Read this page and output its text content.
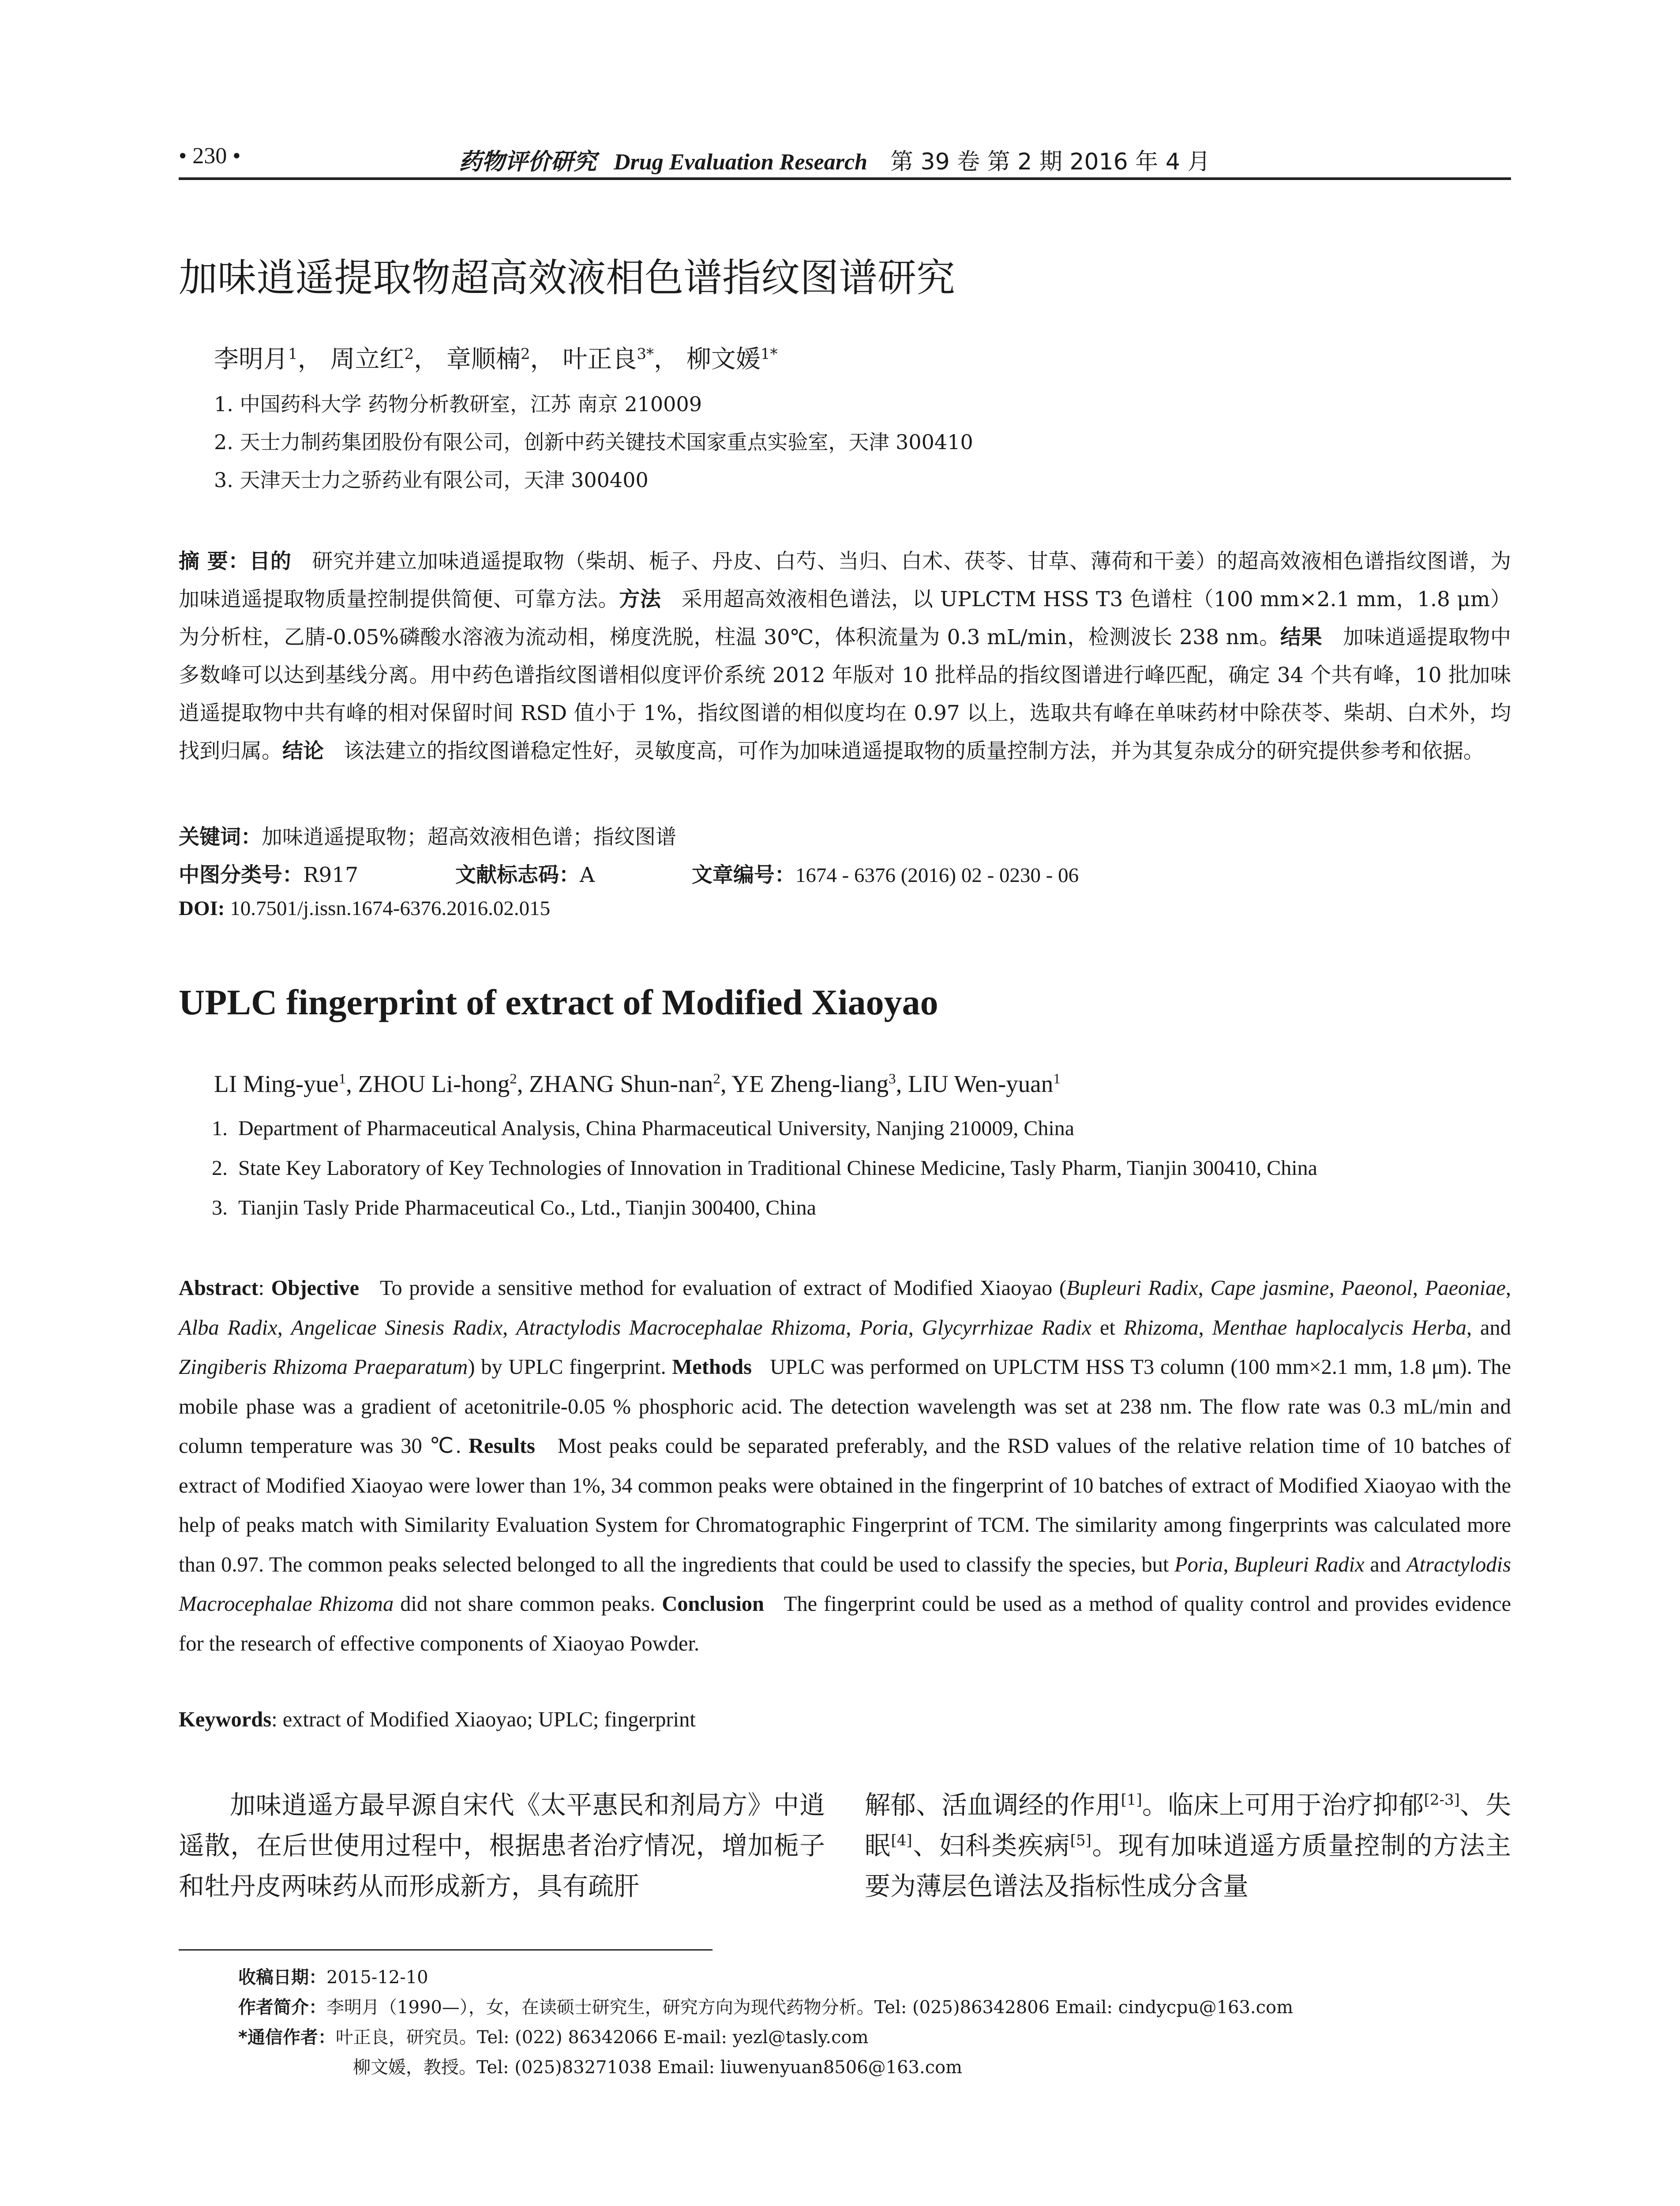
• 230 •	药物评价研究 Drug Evaluation Research 第 39 卷 第 2 期 2016 年 4 月
加味逍遥提取物超高效液相色谱指纹图谱研究
李明月$^1$， 周立红$^2$， 章顺楠$^2$， 叶正良$^{3*}$， 柳文媛$^{1*}$
1. 中国药科大学 药物分析教研室，江苏 南京 210009
2. 天士力制药集团股份有限公司，创新中药关键技术国家重点实验室，天津 300410
3. 天津天士力之骄药业有限公司，天津 300400
摘 要：目的 研究并建立加味逍遥提取物（柴胡、栀子、丹皮、白芍、当归、白术、茯苓、甘草、薄荷和干姜）的超高效液相色谱指纹图谱，为加味逍遥提取物质量控制提供简便、可靠方法。方法 采用超高效液相色谱法，以 UPLCTM HSS T3 色谱柱（100 mm×2.1 mm，1.8 μm）为分析柱，乙腈-0.05%磷酸水溶液为流动相，梯度洗脱，柱温 30℃，体积流量为 0.3 mL/min，检测波长 238 nm。结果 加味逍遥提取物中多数峰可以达到基线分离。用中药色谱指纹图谱相似度评价系统 2012 年版对 10 批样品的指纹图谱进行峰匹配，确定 34 个共有峰，10 批加味逍遥提取物中共有峰的相对保留时间 RSD 值小于 1%，指纹图谱的相似度均在 0.97 以上，选取共有峰在单味药材中除茯苓、柴胡、白术外，均找到归属。结论 该法建立的指纹图谱稳定性好，灵敏度高，可作为加味逍遥提取物的质量控制方法，并为其复杂成分的研究提供参考和依据。
关键词：加味逍遥提取物；超高效液相色谱；指纹图谱
中图分类号：R917	文献标志码：A	文章编号：1674 - 6376 (2016) 02 - 0230 - 06
DOI: 10.7501/j.issn.1674-6376.2016.02.015
UPLC fingerprint of extract of Modified Xiaoyao
LI Ming-yue$^1$, ZHOU Li-hong$^2$, ZHANG Shun-nan$^2$, YE Zheng-liang$^3$, LIU Wen-yuan$^1$
1. Department of Pharmaceutical Analysis, China Pharmaceutical University, Nanjing 210009, China
2. State Key Laboratory of Key Technologies of Innovation in Traditional Chinese Medicine, Tasly Pharm, Tianjin 300410, China
3. Tianjin Tasly Pride Pharmaceutical Co., Ltd., Tianjin 300400, China
Abstract: Objective To provide a sensitive method for evaluation of extract of Modified Xiaoyao (Bupleuri Radix, Cape jasmine, Paeonol, Paeoniae, Alba Radix, Angelicae Sinesis Radix, Atractylodis Macrocephalae Rhizoma, Poria, Glycyrrhizae Radix et Rhizoma, Menthae haplocalycis Herba, and Zingiberis Rhizoma Praeparatum) by UPLC fingerprint. Methods UPLC was performed on UPLCTM HSS T3 column (100 mm×2.1 mm, 1.8 μm). The mobile phase was a gradient of acetonitrile-0.05 % phosphoric acid. The detection wavelength was set at 238 nm. The flow rate was 0.3 mL/min and column temperature was 30 ℃. Results Most peaks could be separated preferably, and the RSD values of the relative relation time of 10 batches of extract of Modified Xiaoyao were lower than 1%, 34 common peaks were obtained in the fingerprint of 10 batches of extract of Modified Xiaoyao with the help of peaks match with Similarity Evaluation System for Chromatographic Fingerprint of TCM. The similarity among fingerprints was calculated more than 0.97. The common peaks selected belonged to all the ingredients that could be used to classify the species, but Poria, Bupleuri Radix and Atractylodis Macrocephalae Rhizoma did not share common peaks. Conclusion The fingerprint could be used as a method of quality control and provides evidence for the research of effective components of Xiaoyao Powder.
Keywords: extract of Modified Xiaoyao; UPLC; fingerprint
加味逍遥方最早源自宋代《太平惠民和剂局方》中逍遥散，在后世使用过程中，根据患者治疗情况，增加栀子和牡丹皮两味药从而形成新方，具有疏肝
解郁、活血调经的作用[1]。临床上可用于治疗抑郁[2-3]、失眠[4]、妇科类疾病[5]。现有加味逍遥方质量控制的方法主要为薄层色谱法及指标性成分含量
收稿日期：2015-12-10
作者简介：李明月（1990—），女，在读硕士研究生，研究方向为现代药物分析。Tel: (025)86342806 Email: cindycpu@163.com
*通信作者：叶正良，研究员。Tel: (022) 86342066 E-mail: yezl@tasly.com
柳文媛，教授。Tel: (025)83271038 Email: liuwenyuan8506@163.com
